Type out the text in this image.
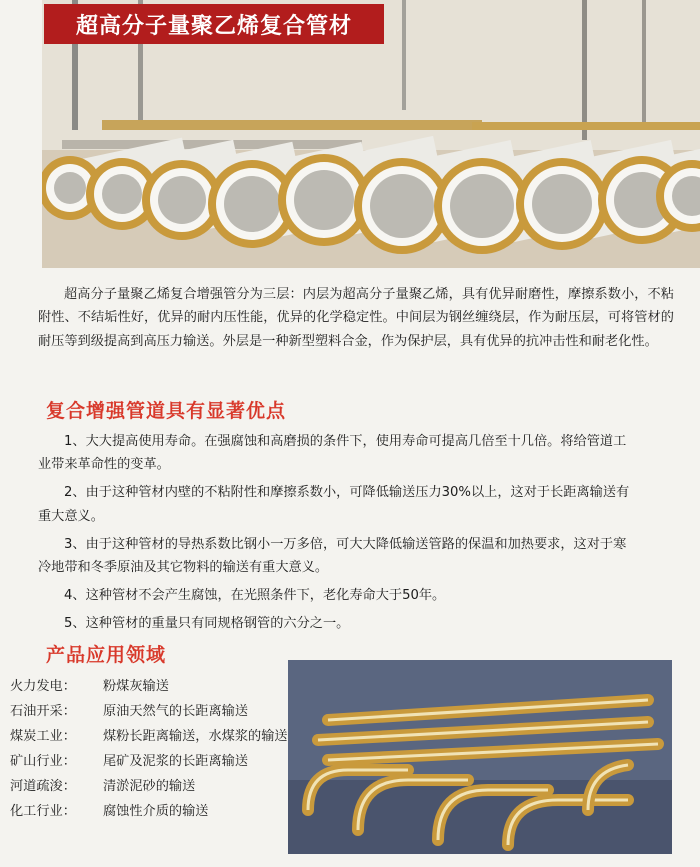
超高分子量聚乙烯复合管材

超高分子量聚乙烯复合增强管分为三层：内层为超高分子量聚乙烯，具有优异耐磨性，摩擦系数小，不粘附性、不结垢性好，优异的耐内压性能，优异的化学稳定性。中间层为钢丝缠绕层，作为耐压层，可将管材的耐压等到级提高到高压力输送。外层是一种新型塑料合金，作为保护层，具有优异的抗冲击性和耐老化性。

复合增强管道具有显著优点

1、大大提高使用寿命。在强腐蚀和高磨损的条件下，使用寿命可提高几倍至十几倍。将给管道工业带来革命性的变革。

2、由于这种管材内壁的不粘附性和摩擦系数小，可降低输送压力30%以上，这对于长距离输送有重大意义。

3、由于这种管材的导热系数比钢小一万多倍，可大大降低输送管路的保温和加热要求，这对于寒冷地带和冬季原油及其它物料的输送有重大意义。

4、这种管材不会产生腐蚀，在光照条件下，老化寿命大于50年。

5、这种管材的重量只有同规格钢管的六分之一。

产品应用领域
火力发电：	粉煤灰输送
石油开采：	原油天然气的长距离输送
煤炭工业：	煤粉长距离输送，水煤浆的输送
矿山行业：	尾矿及泥浆的长距离输送
河道疏浚：	清淤泥砂的输送
化工行业：	腐蚀性介质的输送
